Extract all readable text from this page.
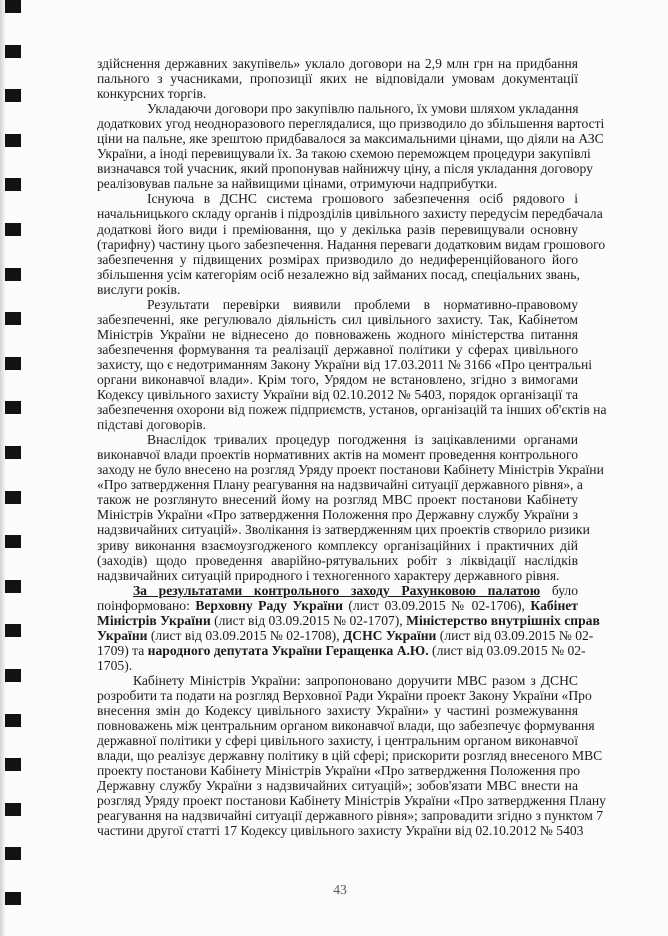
здійснення державних закупівель» уклало договори на 2,9 млн грн на придбання
пального з учасниками, пропозиції яких не відповідали умовам документації
конкурсних торгів.
Укладаючи договори про закупівлю пального, їх умови шляхом укладання
додаткових угод неодноразового переглядалися, що призводило до збільшення вартості
ціни на пальне, яке зрештою придбавалося за максимальними цінами, що діяли на АЗС
України, а іноді перевищували їх. За такою схемою переможцем процедури закупівлі
визначався той учасник, який пропонував найнижчу ціну, а після укладання договору
реалізовував пальне за найвищими цінами, отримуючи надприбутки.
Існуюча в ДСНС система грошового забезпечення осіб рядового і
начальницького складу органів і підрозділів цивільного захисту передусім передбачала
додаткові його види і преміювання, що у декілька разів перевищували основну
(тарифну) частину цього забезпечення. Надання переваги додатковим видам грошового
забезпечення у підвищених розмірах призводило до недиференційованого його
збільшення усім категоріям осіб незалежно від займаних посад, спеціальних звань,
вислуги років.
Результати перевірки виявили проблеми в нормативно-правовому
забезпеченні, яке регулювало діяльність сил цивільного захисту. Так, Кабінетом
Міністрів України не віднесено до повноважень жодного міністерства питання
забезпечення формування та реалізації державної політики у сферах цивільного
захисту, що є недотриманням Закону України від 17.03.2011 № 3166 «Про центральні
органи виконавчої влади». Крім того, Урядом не встановлено, згідно з вимогами
Кодексу цивільного захисту України від 02.10.2012 № 5403, порядок організації та
забезпечення охорони від пожеж підприємств, установ, організацій та інших об'єктів на
підставі договорів.
Внаслідок тривалих процедур погодження із зацікавленими органами
виконавчої влади проектів нормативних актів на момент проведення контрольного
заходу не було внесено на розгляд Уряду проект постанови Кабінету Міністрів України
«Про затвердження Плану реагування на надзвичайні ситуації державного рівня», а
також не розглянуто внесений йому на розгляд МВС проект постанови Кабінету
Міністрів України «Про затвердження Положення про Державну службу України з
надзвичайних ситуацій». Зволікання із затвердженням цих проектів створило ризики
зриву виконання взаємоузгодженого комплексу організаційних і практичних дій
(заходів) щодо проведення аварійно-рятувальних робіт з ліквідації наслідків
надзвичайних ситуацій природного і техногенного характеру державного рівня.
За результатами контрольного заходу Рахунковою палатою було
поінформовано: Верховну Раду України (лист 03.09.2015 № 02-1706), Кабінет
Міністрів України (лист від 03.09.2015 № 02-1707), Міністерство внутрішніх справ
України (лист від 03.09.2015 № 02-1708), ДСНС України (лист від 03.09.2015 № 02-
1709) та народного депутата України Геращенка А.Ю. (лист від 03.09.2015 № 02-
1705).
Кабінету Міністрів України: запропоновано доручити МВС разом з ДСНС
розробити та подати на розгляд Верховної Ради України проект Закону України «Про
внесення змін до Кодексу цивільного захисту України» у частині розмежування
повноважень між центральним органом виконавчої влади, що забезпечує формування
державної політики у сфері цивільного захисту, і центральним органом виконавчої
влади, що реалізує державну політику в цій сфері; прискорити розгляд внесеного МВС
проекту постанови Кабінету Міністрів України «Про затвердження Положення про
Державну службу України з надзвичайних ситуацій»; зобов'язати МВС внести на
розгляд Уряду проект постанови Кабінету Міністрів України «Про затвердження Плану
реагування на надзвичайні ситуації державного рівня»; запровадити згідно з пунктом 7
частини другої статті 17 Кодексу цивільного захисту України від 02.10.2012 № 5403
43
